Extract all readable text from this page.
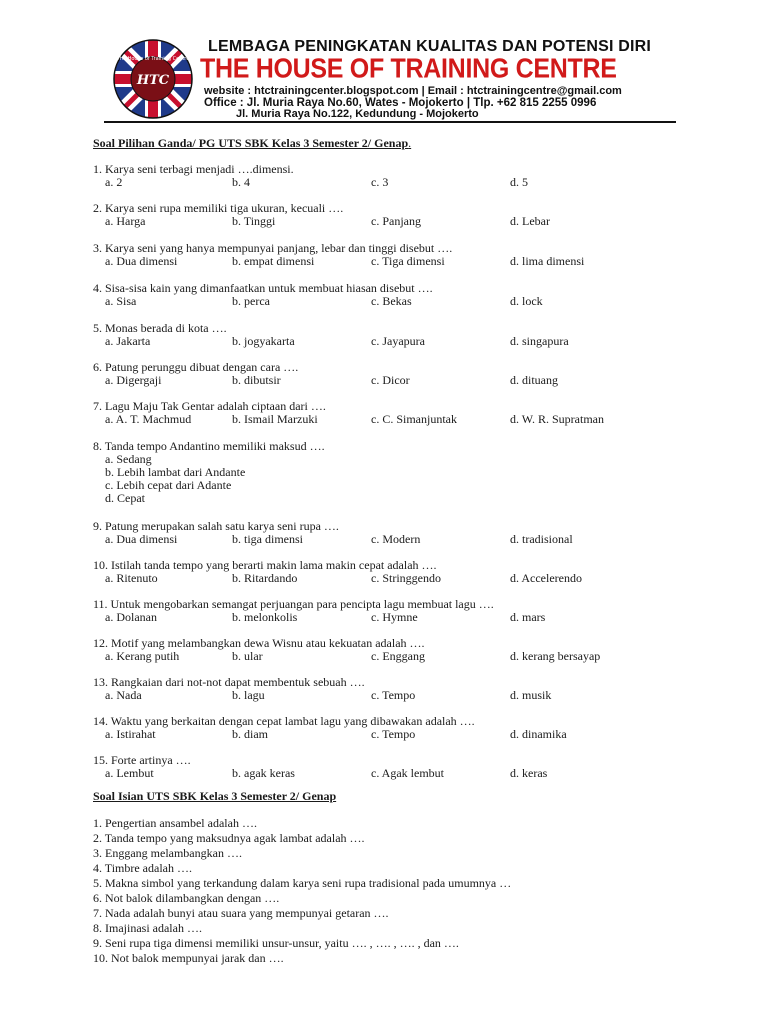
The House of Training Centre
HTC
LEMBAGA PENINGKATAN KUALITAS DAN POTENSI DIRI
THE HOUSE OF TRAINING CENTRE
website : htctrainingcenter.blogspot.com | Email : htctrainingcentre@gmail.com
Office : Jl. Muria Raya No.60, Wates - Mojokerto | Tlp. +62 815 2255 0996
Jl. Muria Raya No.122, Kedundung - Mojokerto

Soal Pilihan Ganda/ PG UTS SBK Kelas 3 Semester 2/ Genap.

1. Karya seni terbagi menjadi ….dimensi.
a. 2	b. 4	c. 3	d. 5
2. Karya seni rupa memiliki tiga ukuran, kecuali ….
a. Harga	b. Tinggi	c. Panjang	d. Lebar
3. Karya seni yang hanya mempunyai panjang, lebar dan tinggi disebut ….
a. Dua dimensi	b. empat dimensi	c. Tiga dimensi	d. lima dimensi
4. Sisa-sisa kain yang dimanfaatkan untuk membuat hiasan disebut ….
a. Sisa	b. perca	c. Bekas	d. lock
5. Monas berada di kota ….
a. Jakarta	b. jogyakarta	c. Jayapura	d. singapura
6. Patung perunggu dibuat dengan cara ….
a. Digergaji	b. dibutsir	c. Dicor	d. dituang
7. Lagu Maju Tak Gentar adalah ciptaan dari ….
a. A. T. Machmud	b. Ismail Marzuki	c. C. Simanjuntak	d. W. R. Supratman
8. Tanda tempo Andantino memiliki maksud ….
a. Sedang
b. Lebih lambat dari Andante
c. Lebih cepat dari Adante
d. Cepat
9. Patung merupakan salah satu karya seni rupa ….
a. Dua dimensi	b. tiga dimensi	c. Modern	d. tradisional
10. Istilah tanda tempo yang berarti makin lama makin cepat adalah ….
a. Ritenuto	b. Ritardando	c. Stringgendo	d. Accelerendo
11. Untuk mengobarkan semangat perjuangan para pencipta lagu membuat lagu ….
a. Dolanan	b. melonkolis	c. Hymne	d. mars
12. Motif yang melambangkan dewa Wisnu atau kekuatan adalah ….
a. Kerang putih	b. ular	c. Enggang	d. kerang bersayap
13. Rangkaian dari not-not dapat membentuk sebuah ….
a. Nada	b. lagu	c. Tempo	d. musik
14. Waktu yang berkaitan dengan cepat lambat lagu yang dibawakan adalah ….
a. Istirahat	b. diam	c. Tempo	d. dinamika
15. Forte artinya ….
a. Lembut	b. agak keras	c. Agak lembut	d. keras

Soal Isian UTS SBK Kelas 3 Semester 2/ Genap

1. Pengertian ansambel adalah ….
2. Tanda tempo yang maksudnya agak lambat adalah ….
3. Enggang melambangkan ….
4. Timbre adalah ….
5. Makna simbol yang terkandung dalam karya seni rupa tradisional pada umumnya …
6. Not balok dilambangkan dengan ….
7. Nada adalah bunyi atau suara yang mempunyai getaran ….
8. Imajinasi adalah ….
9. Seni rupa tiga dimensi memiliki unsur-unsur, yaitu …. , …. , …. , dan ….
10. Not balok mempunyai jarak dan ….
